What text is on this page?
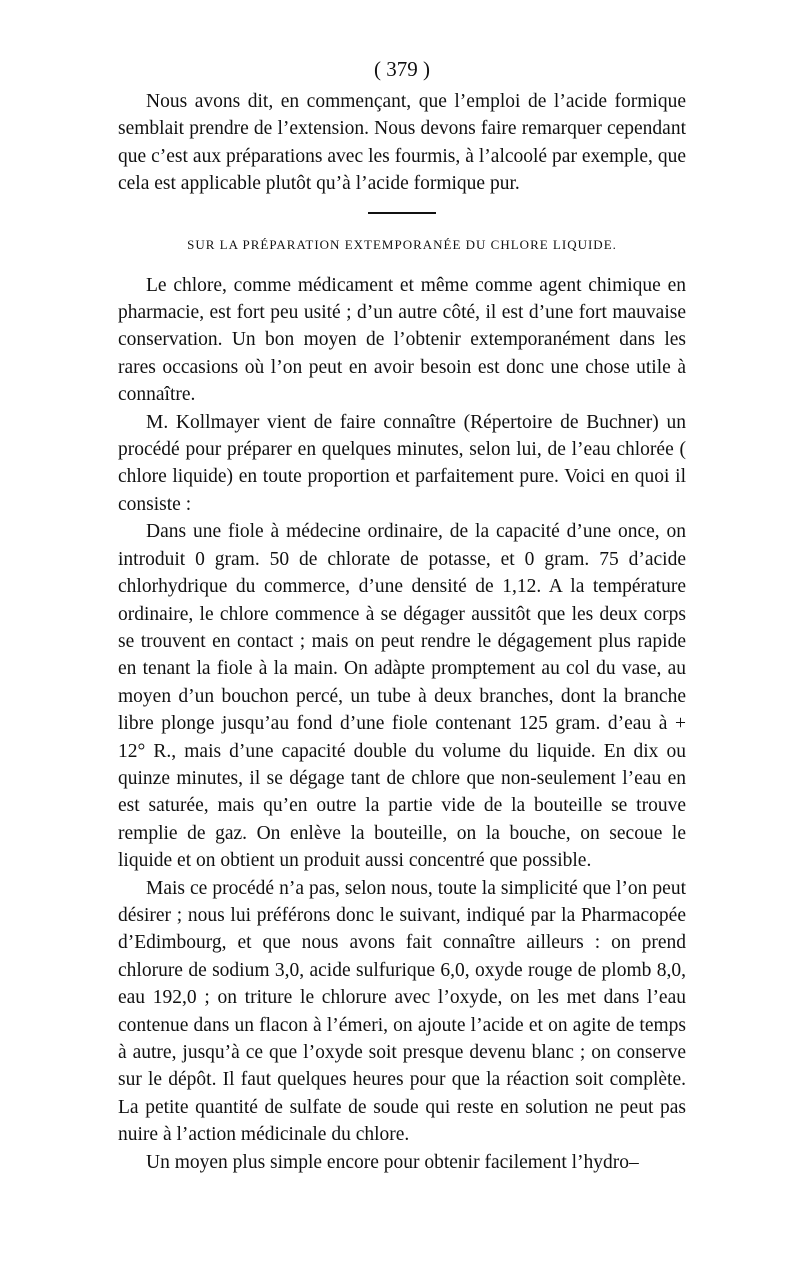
( 379 )

Nous avons dit, en commençant, que l’emploi de l’acide formique semblait prendre de l’extension. Nous devons faire remarquer cependant que c’est aux préparations avec les fourmis, à l’alcoolé par exemple, que cela est applicable plutôt qu’à l’acide formique pur.

SUR LA PRÉPARATION EXTEMPORANÉE DU CHLORE LIQUIDE.

Le chlore, comme médicament et même comme agent chimique en pharmacie, est fort peu usité ; d’un autre côté, il est d’une fort mauvaise conservation. Un bon moyen de l’obtenir extemporanément dans les rares occasions où l’on peut en avoir besoin est donc une chose utile à connaître.

M. Kollmayer vient de faire connaître (Répertoire de Buchner) un procédé pour préparer en quelques minutes, selon lui, de l’eau chlorée ( chlore liquide) en toute proportion et parfaitement pure. Voici en quoi il consiste :

Dans une fiole à médecine ordinaire, de la capacité d’une once, on introduit 0 gram. 50 de chlorate de potasse, et 0 gram. 75 d’acide chlorhydrique du commerce, d’une densité de 1,12. A la température ordinaire, le chlore commence à se dégager aussitôt que les deux corps se trouvent en contact ; mais on peut rendre le dégagement plus rapide en tenant la fiole à la main. On adàpte promptement au col du vase, au moyen d’un bouchon percé, un tube à deux branches, dont la branche libre plonge jusqu’au fond d’une fiole contenant 125 gram. d’eau à + 12° R., mais d’une capacité double du volume du liquide. En dix ou quinze minutes, il se dégage tant de chlore que non-seulement l’eau en est saturée, mais qu’en outre la partie vide de la bouteille se trouve remplie de gaz. On enlève la bouteille, on la bouche, on secoue le liquide et on obtient un produit aussi concentré que possible.

Mais ce procédé n’a pas, selon nous, toute la simplicité que l’on peut désirer ; nous lui préférons donc le suivant, indiqué par la Pharmacopée d’Edimbourg, et que nous avons fait connaître ailleurs : on prend chlorure de sodium 3,0, acide sulfurique 6,0, oxyde rouge de plomb 8,0, eau 192,0 ; on triture le chlorure avec l’oxyde, on les met dans l’eau contenue dans un flacon à l’émeri, on ajoute l’acide et on agite de temps à autre, jusqu’à ce que l’oxyde soit presque devenu blanc ; on conserve sur le dépôt. Il faut quelques heures pour que la réaction soit complète. La petite quantité de sulfate de soude qui reste en solution ne peut pas nuire à l’action médicinale du chlore.

Un moyen plus simple encore pour obtenir facilement l’hydro–
